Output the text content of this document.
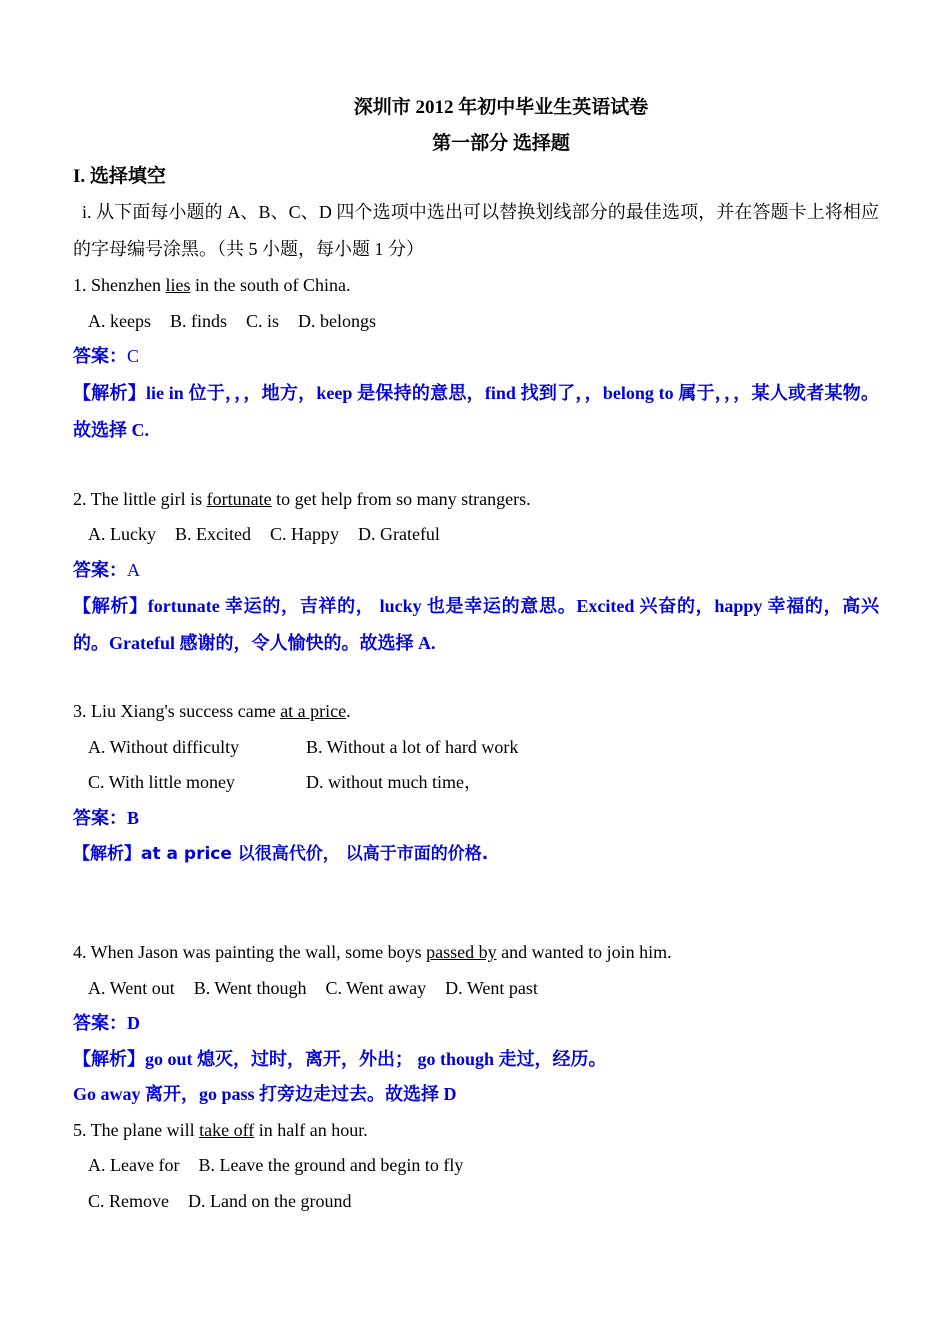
深圳市 2012 年初中毕业生英语试卷
第一部分 选择题
I. 选择填空
i. 从下面每小题的 A、B、C、D 四个选项中选出可以替换划线部分的最佳选项，并在答题卡上将相应的字母编号涂黑。（共 5 小题，每小题 1 分）
1. Shenzhen lies in the south of China.
A. keeps B. finds C. is D. belongs
答案：C
【解析】lie in 位于，，，地方，keep 是保持的意思，find 找到了，，belong to 属于，，，某人或者某物。故选择 C.
2. The little girl is fortunate to get help from so many strangers.
A. Lucky B. Excited C. Happy D. Grateful
答案：A
【解析】fortunate 幸运的，吉祥的， lucky 也是幸运的意思。Excited 兴奋的，happy 幸福的，高兴的。Grateful 感谢的，令人愉快的。故选择 A.
3. Liu Xiang's success came at a price.
A. Without difficulty	B. Without a lot of hard work
C. With little money	D. without much time，
答案：B
【解析】at a price 以很高代价， 以高于市面的价格.
4. When Jason was painting the wall, some boys passed by and wanted to join him.
A. Went out B. Went though C. Went away D. Went past
答案：D
【解析】go out 熄灭，过时，离开，外出； go though 走过，经历。
Go away 离开，go pass 打旁边走过去。故选择 D
5. The plane will take off in half an hour.
A. Leave for B. Leave the ground and begin to fly
C. Remove D. Land on the ground
